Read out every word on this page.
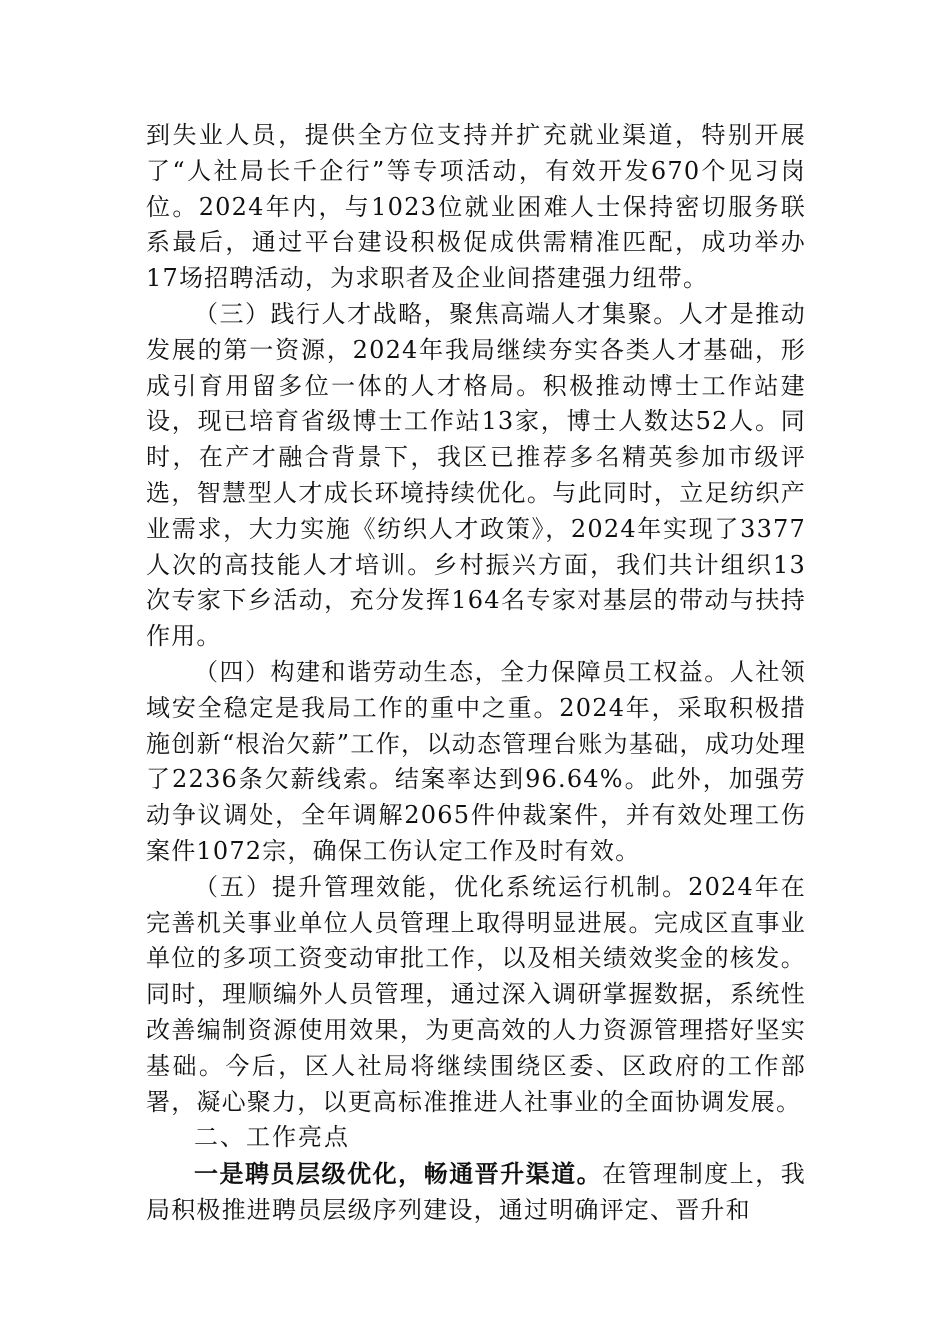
到失业人员，提供全方位支持并扩充就业渠道，特别开展了“人社局长千企行”等专项活动，有效开发670个见习岗位。2024年内，与1023位就业困难人士保持密切服务联系最后，通过平台建设积极促成供需精准匹配，成功举办17场招聘活动，为求职者及企业间搭建强力纽带。

（三）践行人才战略，聚焦高端人才集聚。人才是推动发展的第一资源，2024年我局继续夯实各类人才基础，形成引育用留多位一体的人才格局。积极推动博士工作站建设，现已培育省级博士工作站13家，博士人数达52人。同时，在产才融合背景下，我区已推荐多名精英参加市级评选，智慧型人才成长环境持续优化。与此同时，立足纺织产业需求，大力实施《纺织人才政策》，2024年实现了3377人次的高技能人才培训。乡村振兴方面，我们共计组织13次专家下乡活动，充分发挥164名专家对基层的带动与扶持作用。

（四）构建和谐劳动生态，全力保障员工权益。人社领域安全稳定是我局工作的重中之重。2024年，采取积极措施创新“根治欠薪”工作，以动态管理台账为基础，成功处理了2236条欠薪线索。结案率达到96.64%。此外，加强劳动争议调处，全年调解2065件仲裁案件，并有效处理工伤案件1072宗，确保工伤认定工作及时有效。

（五）提升管理效能，优化系统运行机制。2024年在完善机关事业单位人员管理上取得明显进展。完成区直事业单位的多项工资变动审批工作，以及相关绩效奖金的核发。同时，理顺编外人员管理，通过深入调研掌握数据，系统性改善编制资源使用效果，为更高效的人力资源管理搭好坚实基础。今后，区人社局将继续围绕区委、区政府的工作部署，凝心聚力，以更高标准推进人社事业的全面协调发展。

二、工作亮点

一是聘员层级优化，畅通晋升渠道。在管理制度上，我局积极推进聘员层级序列建设，通过明确评定、晋升和
